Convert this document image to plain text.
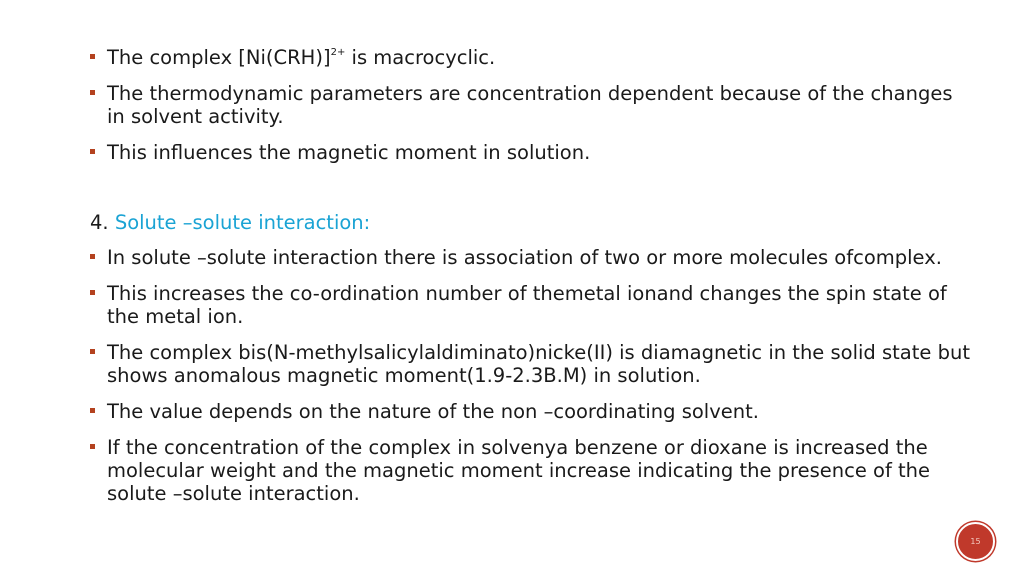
The complex $[Ni(CRH)]^{2+}$ is macrocyclic.
The thermodynamic parameters are concentration dependent because of the changes in solvent activity.
This influences the magnetic moment in solution.
4. Solute –solute interaction:
In solute –solute interaction there is association of two or more molecules ofcomplex.
This increases the co-ordination number of themetal ionand changes the spin state of the metal ion.
The complex bis(N-methylsalicylaldiminato)nicke(II) is diamagnetic in the solid state but shows anomalous magnetic moment(1.9-2.3B.M) in solution.
The value depends on the nature of the non –coordinating solvent.
If the concentration of the complex in solvenya benzene or dioxane is increased the molecular weight and the magnetic moment increase indicating the presence of the solute –solute interaction.
15
